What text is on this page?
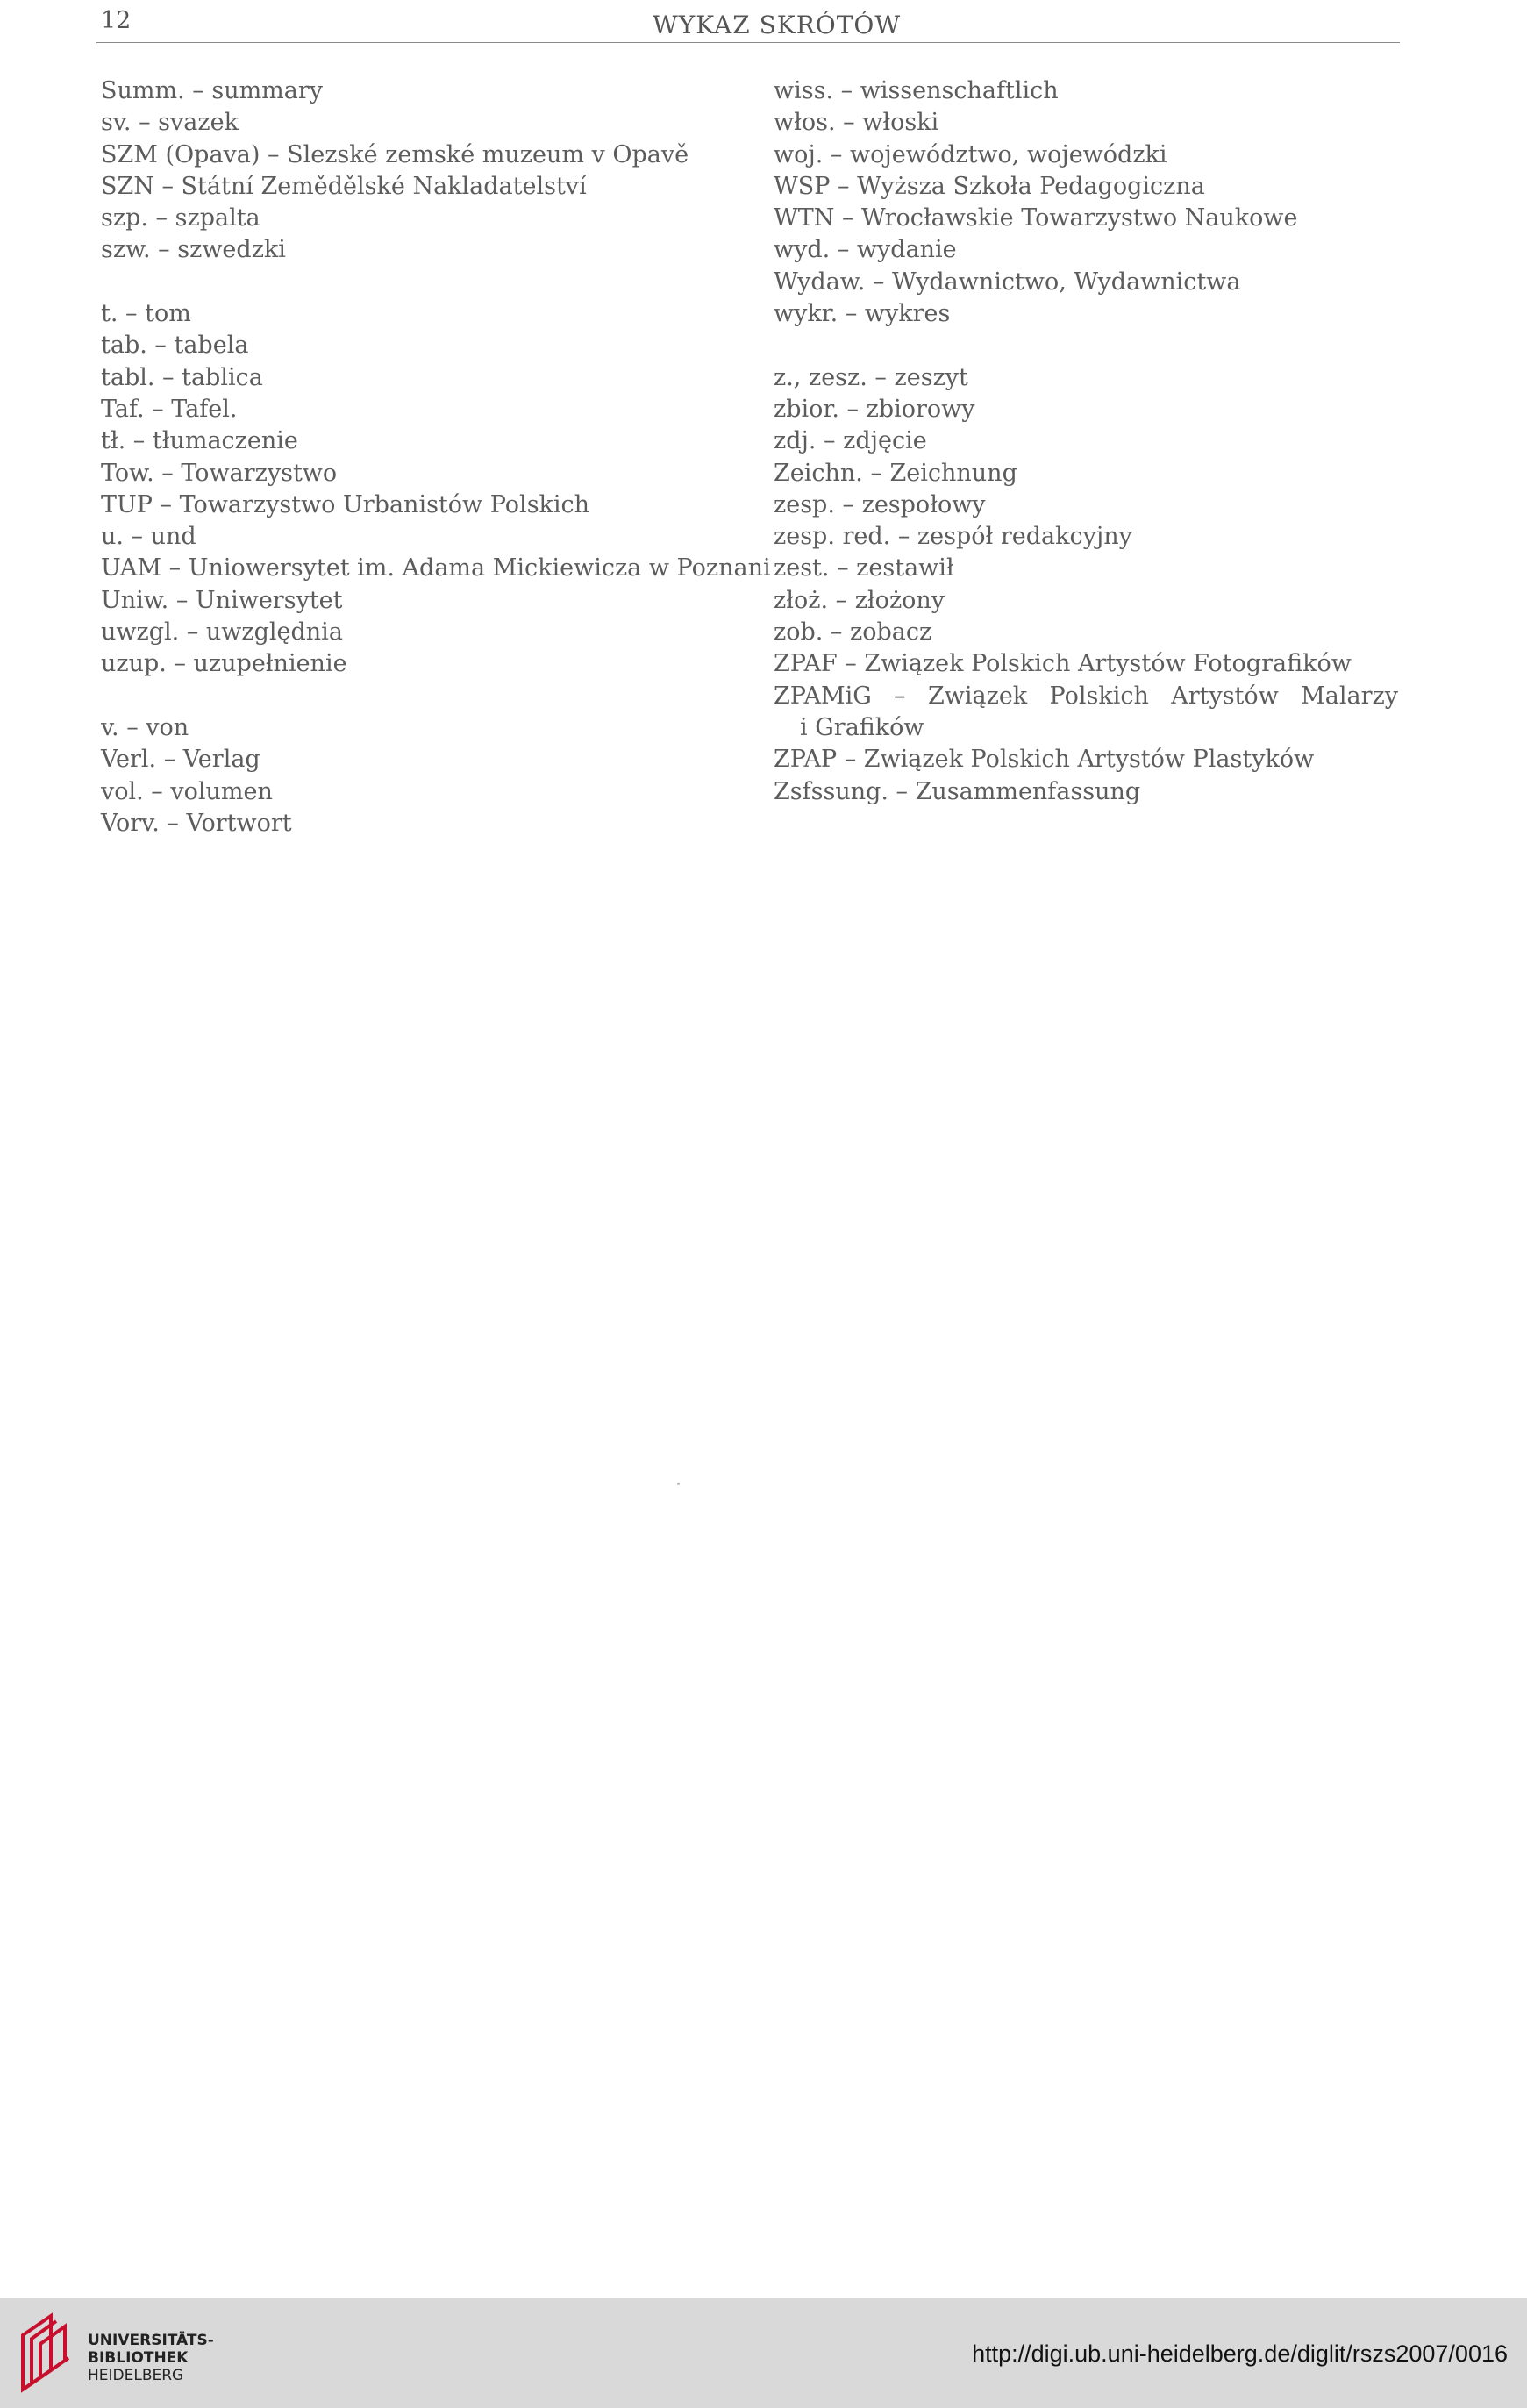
12	WYKAZ SKRÓTÓW
Summ. – summary
sv. – svazek
SZM (Opava) – Slezské zemské muzeum v Opavě
SZN – Státní Zemědělské Nakladatelství
szp. – szpalta
szw. – szwedzki
t. – tom
tab. – tabela
tabl. – tablica
Taf. – Tafel.
tł. – tłumaczenie
Tow. – Towarzystwo
TUP – Towarzystwo Urbanistów Polskich
u. – und
UAM – Uniowersytet im. Adama Mickiewicza w Poznani
Uniw. – Uniwersytet
uwzgl. – uwzględnia
uzup. – uzupełnienie
v. – von
Verl. – Verlag
vol. – volumen
Vorv. – Vortwort
wiss. – wissenschaftlich
włos. – włoski
woj. – województwo, wojewódzki
WSP – Wyższa Szkoła Pedagogiczna
WTN – Wrocławskie Towarzystwo Naukowe
wyd. – wydanie
Wydaw. – Wydawnictwo, Wydawnictwa
wykr. – wykres
z., zesz. – zeszyt
zbior. – zbiorowy
zdj. – zdjęcie
Zeichn. – Zeichnung
zesp. – zespołowy
zesp. red. – zespół redakcyjny
zest. – zestawił
złoż. – złożony
zob. – zobacz
ZPAF – Związek Polskich Artystów Fotografików
ZPAMiG – Związek Polskich Artystów Malarzy
i Grafików
ZPAP – Związek Polskich Artystów Plastyków
Zsfssung. – Zusammenfassung
UNIVERSITÄTS-
BIBLIOTHEK
HEIDELBERG
http://digi.ub.uni-heidelberg.de/diglit/rszs2007/0016
